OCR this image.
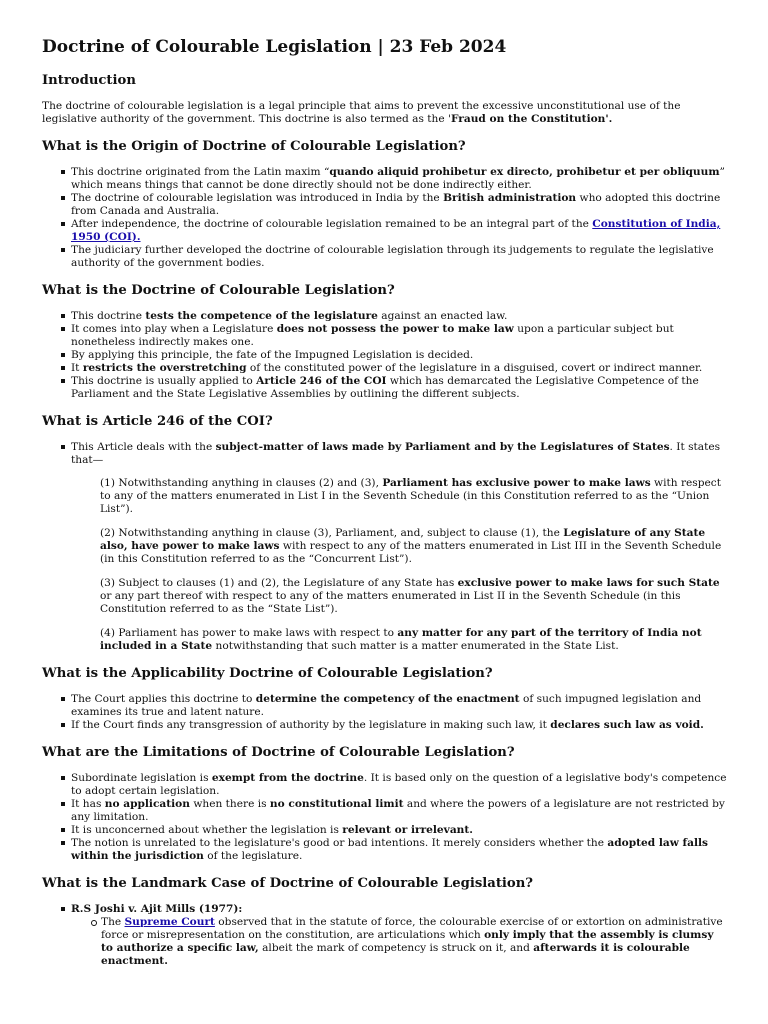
Doctrine of Colourable Legislation | 23 Feb 2024
Introduction

The doctrine of colourable legislation is a legal principle that aims to prevent the excessive unconstitutional use of the legislative authority of the government. This doctrine is also termed as the 'Fraud on the Constitution'.

What is the Origin of Doctrine of Colourable Legislation?
This doctrine originated from the Latin maxim “quando aliquid prohibetur ex directo, prohibetur et per obliquum” which means things that cannot be done directly should not be done indirectly either.
The doctrine of colourable legislation was introduced in India by the British administration who adopted this doctrine from Canada and Australia.
After independence, the doctrine of colourable legislation remained to be an integral part of the Constitution of India, 1950 (COI).
The judiciary further developed the doctrine of colourable legislation through its judgements to regulate the legislative authority of the government bodies.
What is the Doctrine of Colourable Legislation?
This doctrine tests the competence of the legislature against an enacted law.
It comes into play when a Legislature does not possess the power to make law upon a particular subject but nonetheless indirectly makes one.
By applying this principle, the fate of the Impugned Legislation is decided.
It restricts the overstretching of the constituted power of the legislature in a disguised, covert or indirect manner.
This doctrine is usually applied to Article 246 of the COI which has demarcated the Legislative Competence of the Parliament and the State Legislative Assemblies by outlining the different subjects.
What is Article 246 of the COI?
This Article deals with the subject-matter of laws made by Parliament and by the Legislatures of States. It states that—

(1) Notwithstanding anything in clauses (2) and (3), Parliament has exclusive power to make laws with respect to any of the matters enumerated in List I in the Seventh Schedule (in this Constitution referred to as the “Union List”).

(2) Notwithstanding anything in clause (3), Parliament, and, subject to clause (1), the Legislature of any State also, have power to make laws with respect to any of the matters enumerated in List III in the Seventh Schedule (in this Constitution referred to as the “Concurrent List”).

(3) Subject to clauses (1) and (2), the Legislature of any State has exclusive power to make laws for such State or any part thereof with respect to any of the matters enumerated in List II in the Seventh Schedule (in this Constitution referred to as the “State List”).

(4) Parliament has power to make laws with respect to any matter for any part of the territory of India not included in a State notwithstanding that such matter is a matter enumerated in the State List.

What is the Applicability Doctrine of Colourable Legislation?
The Court applies this doctrine to determine the competency of the enactment of such impugned legislation and examines its true and latent nature.
If the Court finds any transgression of authority by the legislature in making such law, it declares such law as void.
What are the Limitations of Doctrine of Colourable Legislation?
Subordinate legislation is exempt from the doctrine. It is based only on the question of a legislative body's competence to adopt certain legislation.
It has no application when there is no constitutional limit and where the powers of a legislature are not restricted by any limitation.
It is unconcerned about whether the legislation is relevant or irrelevant.
The notion is unrelated to the legislature's good or bad intentions. It merely considers whether the adopted law falls within the jurisdiction of the legislature.
What is the Landmark Case of Doctrine of Colourable Legislation?
R.S Joshi v. Ajit Mills (1977):
The Supreme Court observed that in the statute of force, the colourable exercise of or extortion on administrative force or misrepresentation on the constitution, are articulations which only imply that the assembly is clumsy to authorize a specific law, albeit the mark of competency is struck on it, and afterwards it is colourable enactment.
